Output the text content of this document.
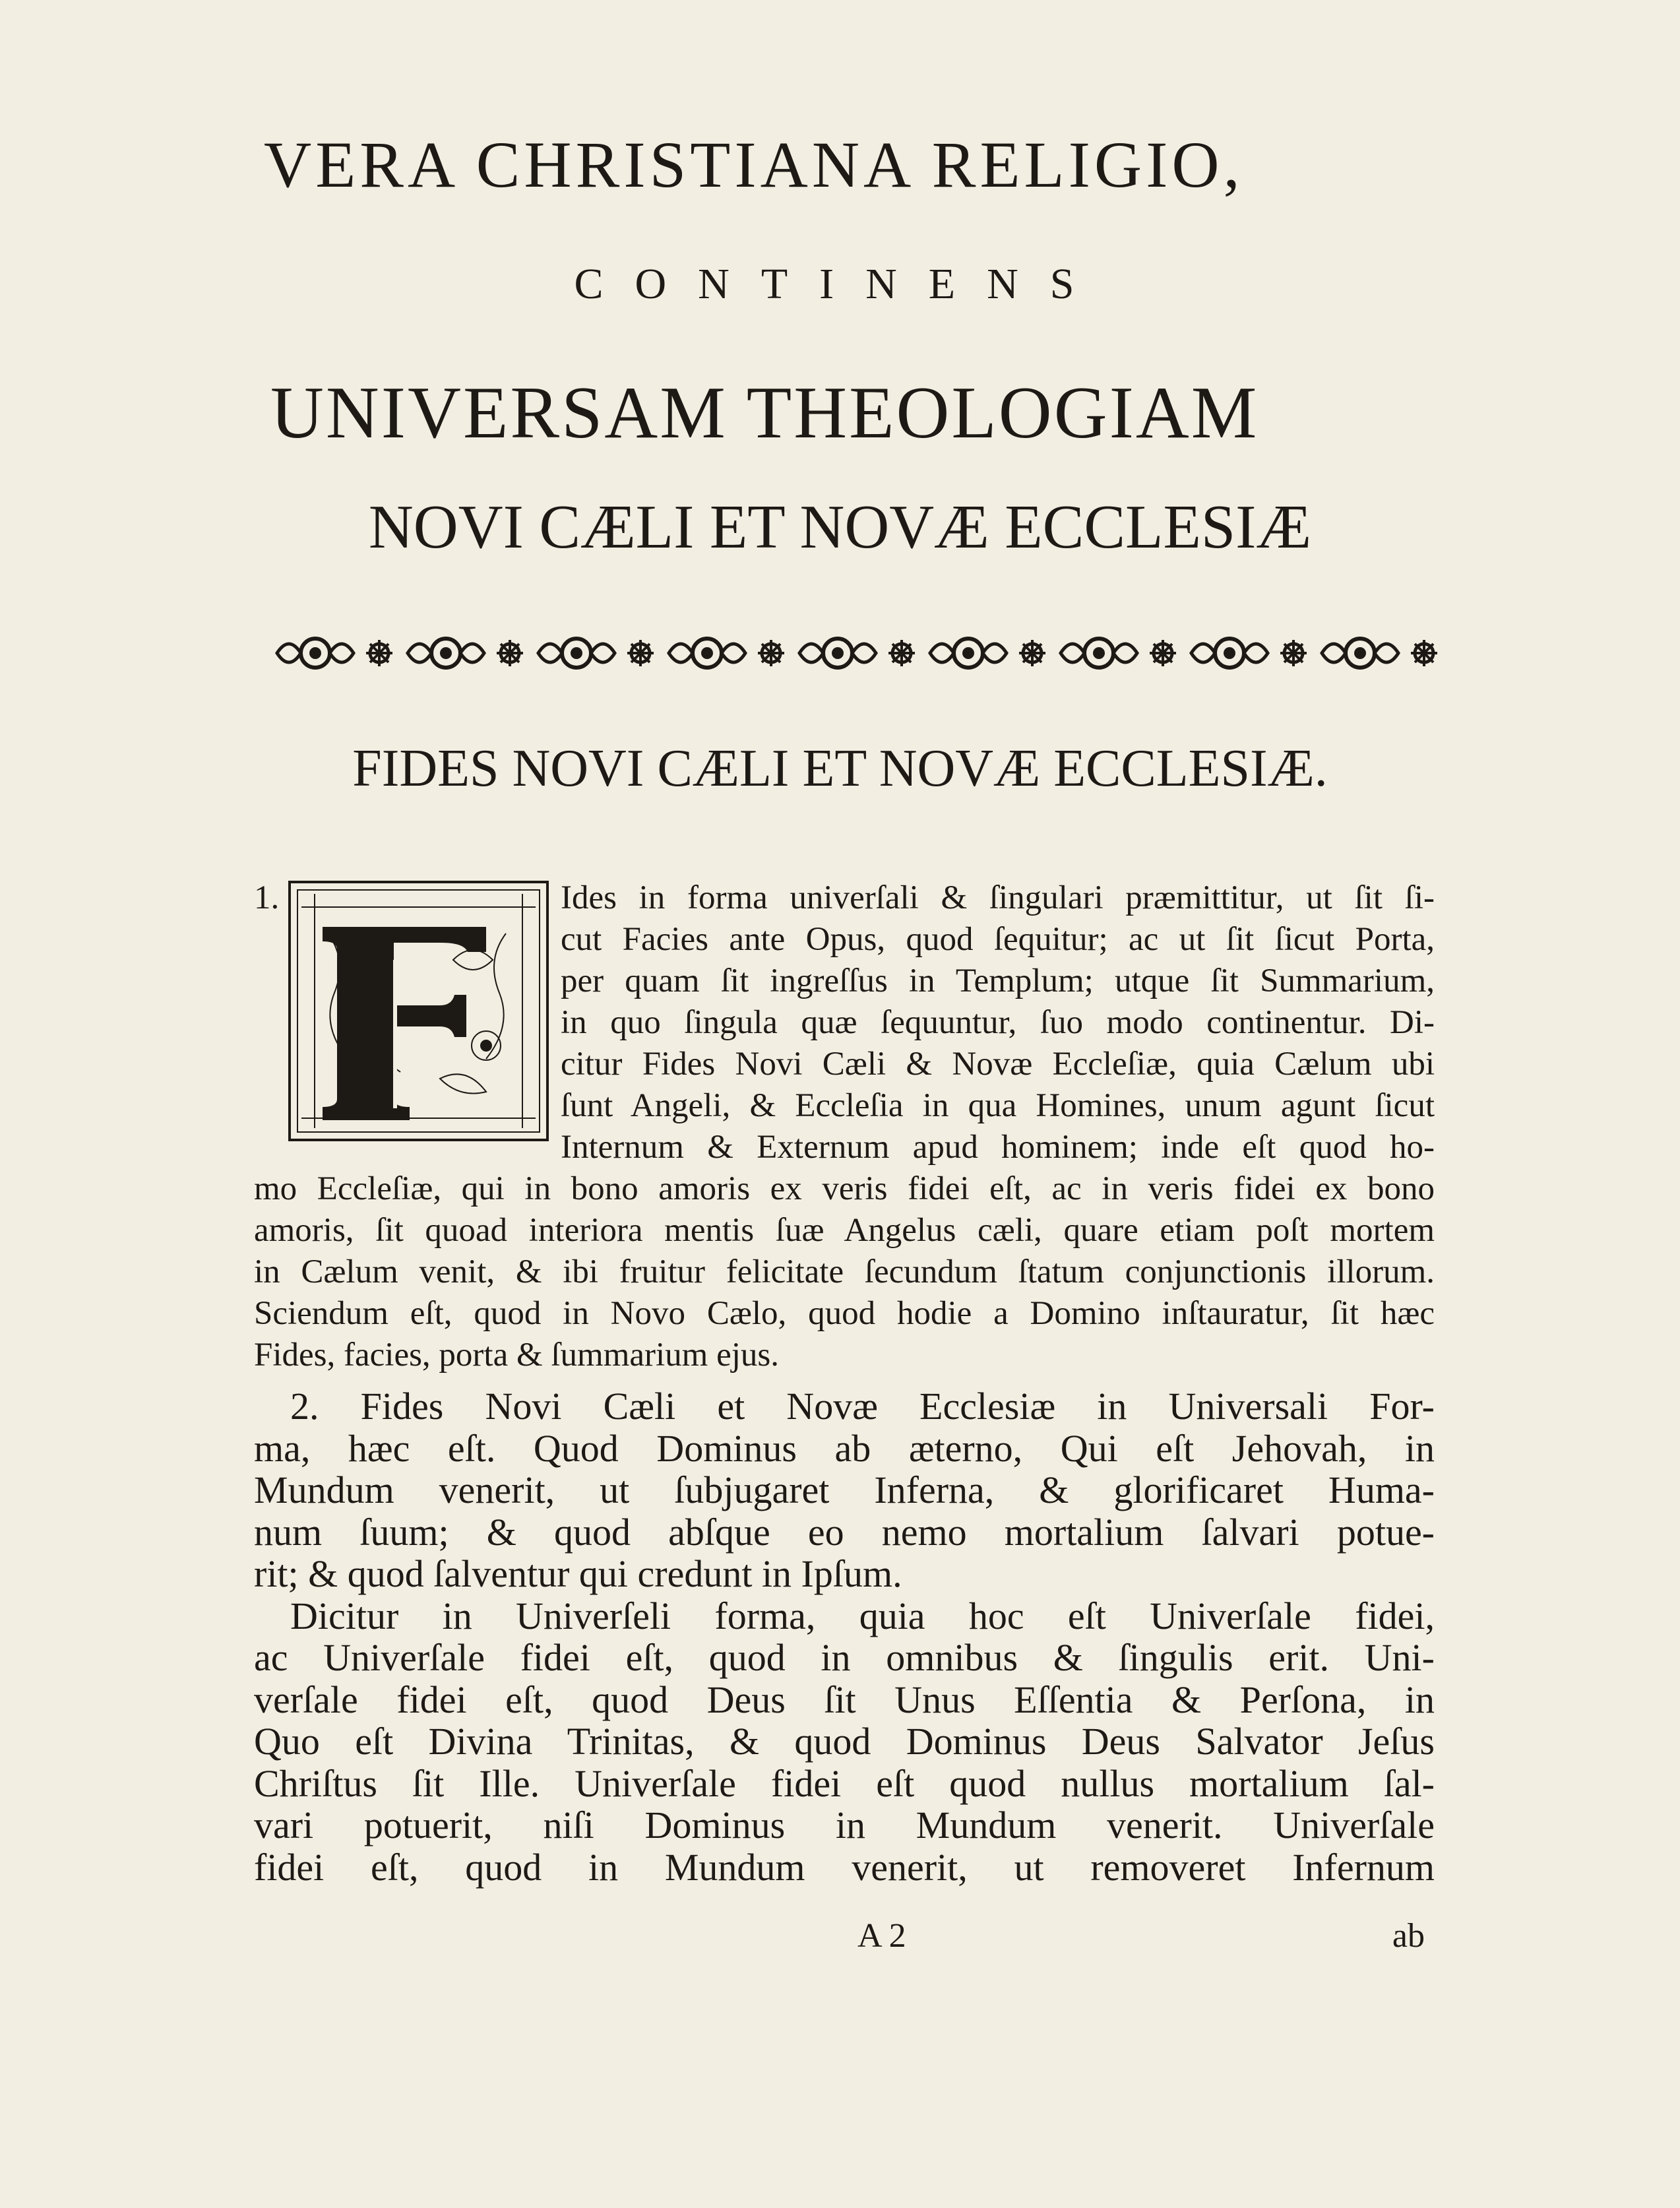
VERA CHRISTIANA RELIGIO,
CONTINENS
UNIVERSAM THEOLOGIAM
NOVI CÆLI ET NOVÆ ECCLESIÆ
FIDES NOVI CÆLI ET NOVÆ ECCLESIÆ.
1.	Ides in forma univerſali & ſingulari præmittitur, ut ſit ſi-
cut Facies ante Opus, quod ſequitur; ac ut ſit ſicut Porta,
per quam ſit ingreſſus in Templum; utque ſit Summarium,
in quo ſingula quæ ſequuntur, ſuo modo continentur. Di-
citur Fides Novi Cæli & Novæ Eccleſiæ, quia Cælum ubi
ſunt Angeli, & Eccleſia in qua Homines, unum agunt ſicut
Internum & Externum apud hominem; inde eſt quod ho-
mo Eccleſiæ, qui in bono amoris ex veris fidei eſt, ac in veris fidei ex bono
amoris, ſit quoad interiora mentis ſuæ Angelus cæli, quare etiam poſt mortem
in Cælum venit, & ibi fruitur felicitate ſecundum ſtatum conjunctionis illorum.
Sciendum eſt, quod in Novo Cælo, quod hodie a Domino inſtauratur, ſit hæc
Fides, facies, porta & ſummarium ejus.
2. Fides Novi Cæli et Novæ Ecclesiæ in Universali For-
ma, hæc eſt. Quod Dominus ab æterno, Qui eſt Jehovah, in
Mundum venerit, ut ſubjugaret Inferna, & glorificaret Huma-
num ſuum; & quod abſque eo nemo mortalium ſalvari potue-
rit; & quod ſalventur qui credunt in Ipſum.
Dicitur in Univerſeli forma, quia hoc eſt Univerſale fidei,
ac Univerſale fidei eſt, quod in omnibus & ſingulis erit. Uni-
verſale fidei eſt, quod Deus ſit Unus Eſſentia & Perſona, in
Quo eſt Divina Trinitas, & quod Dominus Deus Salvator Jeſus
Chriſtus ſit Ille. Univerſale fidei eſt quod nullus mortalium ſal-
vari potuerit, niſi Dominus in Mundum venerit. Univerſale
fidei eſt, quod in Mundum venerit, ut removeret Infernum
A 2	ab
